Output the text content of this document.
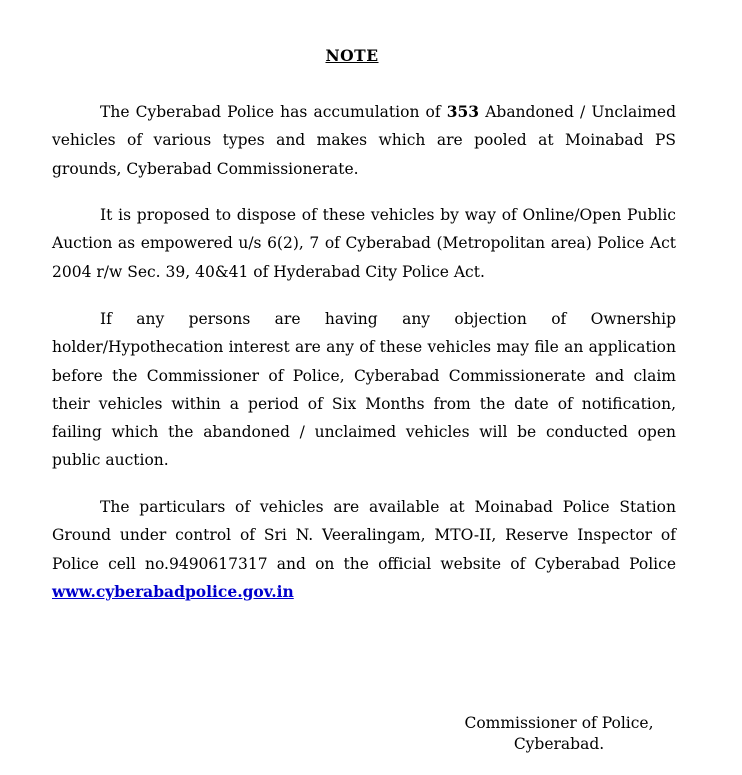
NOTE

The Cyberabad Police has accumulation of 353 Abandoned / Unclaimed vehicles of various types and makes which are pooled at Moinabad PS grounds, Cyberabad Commissionerate.

It is proposed to dispose of these vehicles by way of Online/Open Public Auction as empowered u/s 6(2), 7 of Cyberabad (Metropolitan area) Police Act 2004 r/w Sec. 39, 40&41 of Hyderabad City Police Act.

If any persons are having any objection of Ownership holder/Hypothecation interest are any of these vehicles may file an application before the Commissioner of Police, Cyberabad Commissionerate and claim their vehicles within a period of Six Months from the date of notification, failing which the abandoned / unclaimed vehicles will be conducted open public auction.

The particulars of vehicles are available at Moinabad Police Station Ground under control of Sri N. Veeralingam, MTO-II, Reserve Inspector of Police cell no.9490617317 and on the official website of Cyberabad Police www.cyberabadpolice.gov.in

Commissioner of Police,
Cyberabad.
